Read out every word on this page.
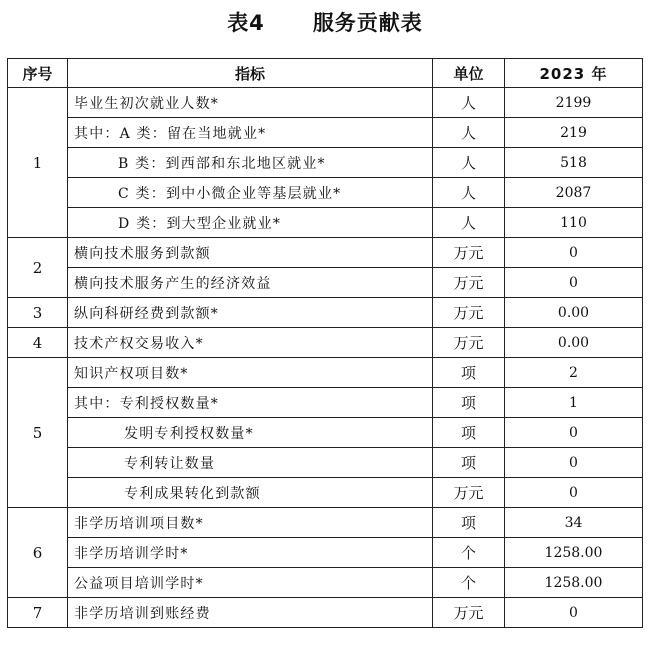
表4 服务贡献表
序号	指标	单位	2023 年
1	毕业生初次就业人数*	人	2199
	其中：A 类：留在当地就业*	人	219
	B 类：到西部和东北地区就业*	人	518
	C 类：到中小微企业等基层就业*	人	2087
	D 类：到大型企业就业*	人	110
2	横向技术服务到款额	万元	0
	横向技术服务产生的经济效益	万元	0
3	纵向科研经费到款额*	万元	0.00
4	技术产权交易收入*	万元	0.00
5	知识产权项目数*	项	2
	其中：专利授权数量*	项	1
	发明专利授权数量*	项	0
	专利转让数量	项	0
	专利成果转化到款额	万元	0
6	非学历培训项目数*	项	34
	非学历培训学时*	个	1258.00
	公益项目培训学时*	个	1258.00
7	非学历培训到账经费	万元	0
